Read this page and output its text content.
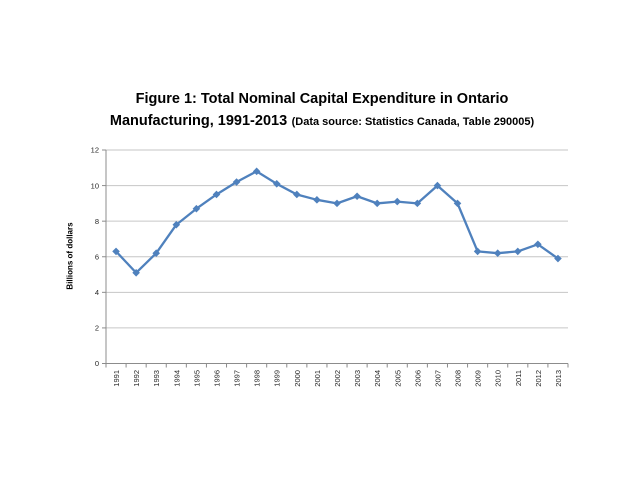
Figure 1: Total Nominal Capital Expenditure in Ontario Manufacturing, 1991-2013 (Data source: Statistics Canada, Table 290005)
Billions of dollars
0
2
4
6
8
10
12
1991 1992 1993 1994 1995 1996 1997 1998 1999 2000 2001 2002 2003 2004 2005 2006 2007 2008 2009 2010 2011 2012 2013
